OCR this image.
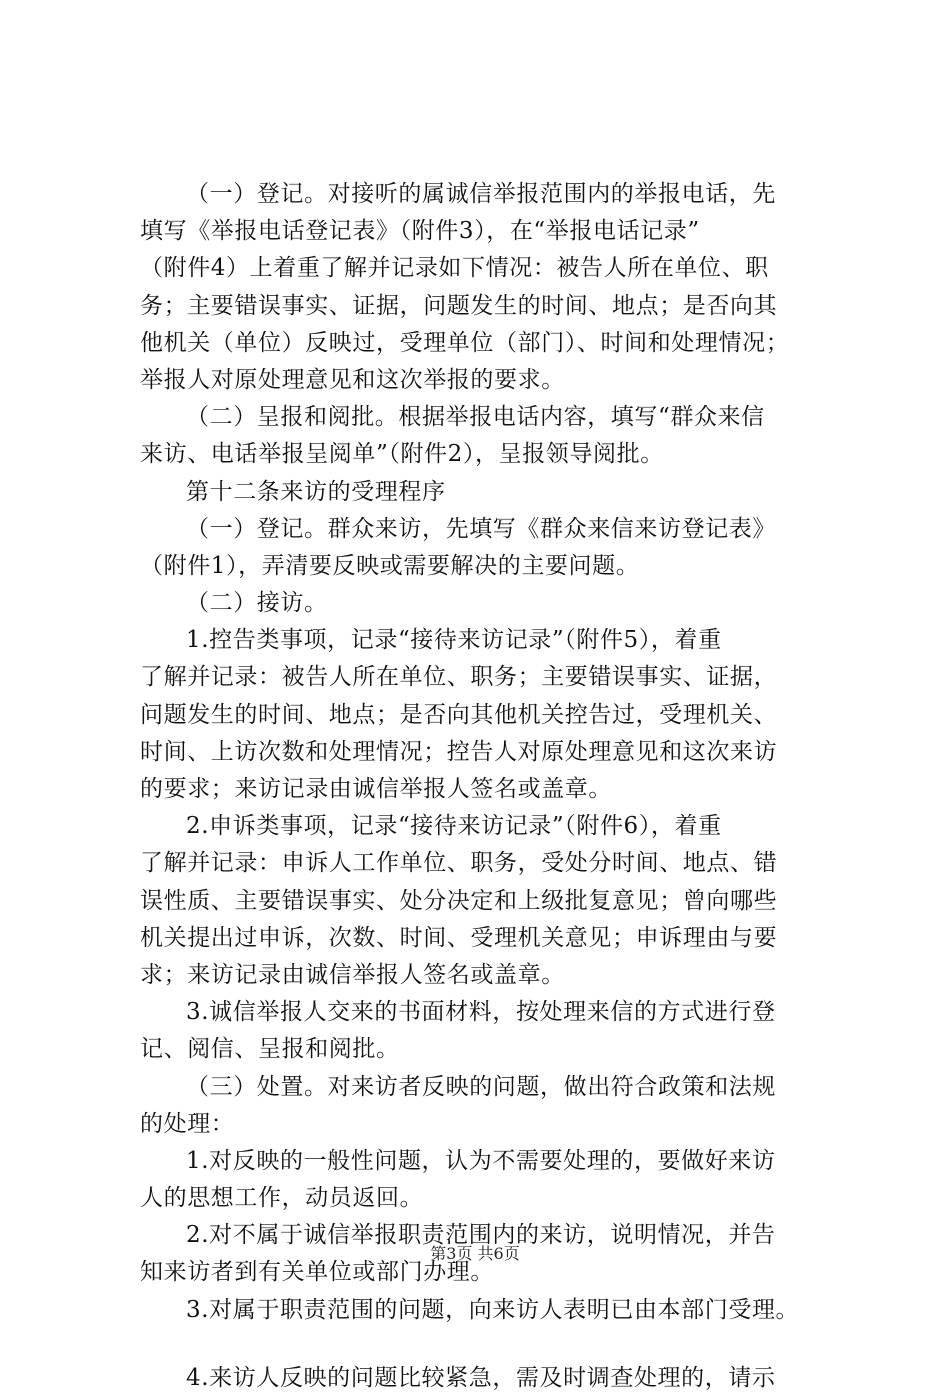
（一）登记。对接听的属诚信举报范围内的举报电话，先
填写《举报电话登记表》（附件3），在“举报电话记录”
（附件4）上着重了解并记录如下情况：被告人所在单位、职
务；主要错误事实、证据，问题发生的时间、地点；是否向其
他机关（单位）反映过，受理单位（部门）、时间和处理情况；
举报人对原处理意见和这次举报的要求。
（二）呈报和阅批。根据举报电话内容，填写“群众来信
来访、电话举报呈阅单”（附件2），呈报领导阅批。
第十二条来访的受理程序
（一）登记。群众来访，先填写《群众来信来访登记表》
（附件1），弄清要反映或需要解决的主要问题。
（二）接访。
1.控告类事项，记录“接待来访记录”（附件5），着重
了解并记录：被告人所在单位、职务；主要错误事实、证据，
问题发生的时间、地点；是否向其他机关控告过，受理机关、
时间、上访次数和处理情况；控告人对原处理意见和这次来访
的要求；来访记录由诚信举报人签名或盖章。
2.申诉类事项，记录“接待来访记录”（附件6），着重
了解并记录：申诉人工作单位、职务，受处分时间、地点、错
误性质、主要错误事实、处分决定和上级批复意见；曾向哪些
机关提出过申诉，次数、时间、受理机关意见；申诉理由与要
求；来访记录由诚信举报人签名或盖章。
3.诚信举报人交来的书面材料，按处理来信的方式进行登
记、阅信、呈报和阅批。
（三）处置。对来访者反映的问题，做出符合政策和法规
的处理：
1.对反映的一般性问题，认为不需要处理的，要做好来访
人的思想工作，动员返回。
2.对不属于诚信举报职责范围内的来访，说明情况，并告
知来访者到有关单位或部门办理。
3.对属于职责范围的问题，向来访人表明已由本部门受理。
4.来访人反映的问题比较紧急，需及时调查处理的，请示
第3页 共6页
